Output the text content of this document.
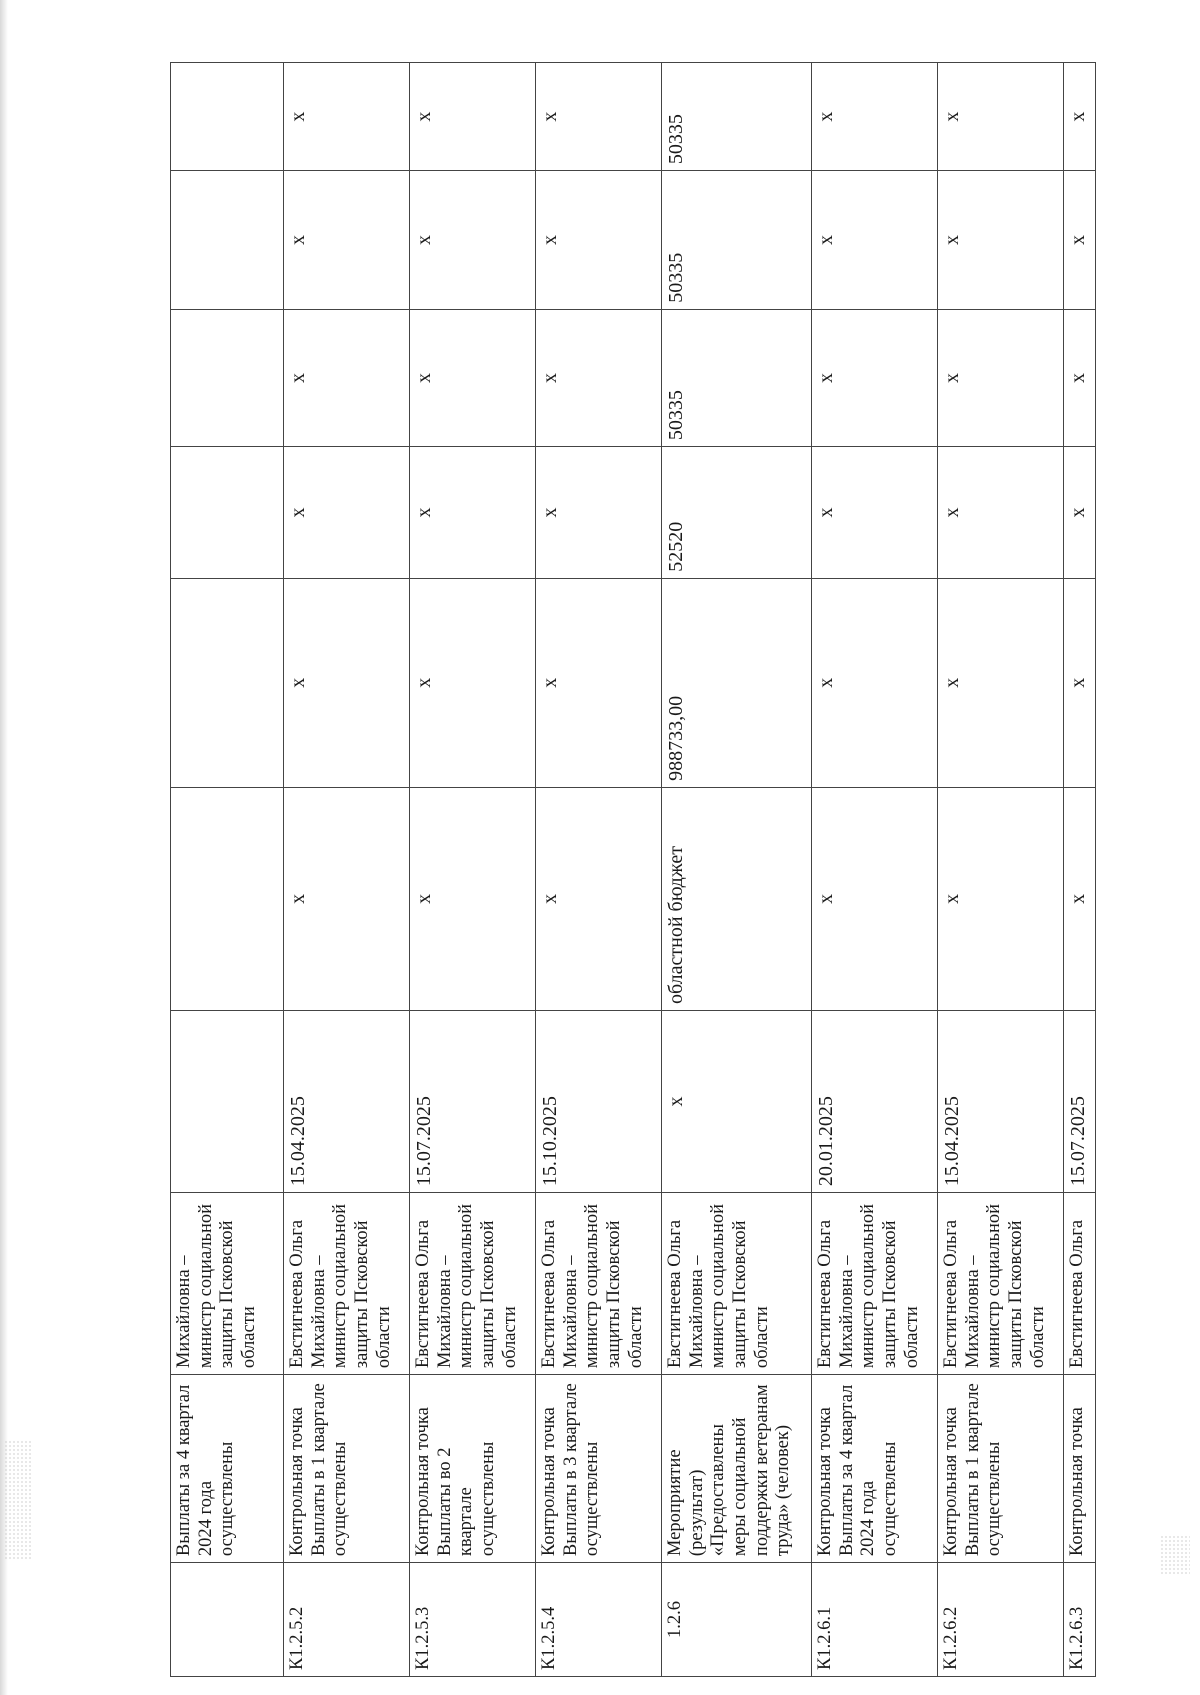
	Выплаты за 4 квартал 2024 года осуществлены	Михайловна – министр социальной защиты Псковской области							
К1.2.5.2	Контрольная точка Выплаты в 1 квартале осуществлены	Евстигнеева Ольга Михайловна – министр социальной защиты Псковской области	15.04.2025	х	х	х	х	х	х
К1.2.5.3	Контрольная точка Выплаты во 2 квартале осуществлены	Евстигнеева Ольга Михайловна – министр социальной защиты Псковской области	15.07.2025	х	х	х	х	х	х
К1.2.5.4	Контрольная точка Выплаты в 3 квартале осуществлены	Евстигнеева Ольга Михайловна – министр социальной защиты Псковской области	15.10.2025	х	х	х	х	х	х
1.2.6	Мероприятие (результат) «Предоставлены меры социальной поддержки ветеранам труда» (человек)	Евстигнеева Ольга Михайловна – министр социальной защиты Псковской области	х	областной бюджет	988733,00	52520	50335	50335	50335
К1.2.6.1	Контрольная точка Выплаты за 4 квартал 2024 года осуществлены	Евстигнеева Ольга Михайловна – министр социальной защиты Псковской области	20.01.2025	х	х	х	х	х	х
К1.2.6.2	Контрольная точка Выплаты в 1 квартале осуществлены	Евстигнеева Ольга Михайловна – министр социальной защиты Псковской области	15.04.2025	х	х	х	х	х	х
К1.2.6.3	Контрольная точка	Евстигнеева Ольга	15.07.2025	х	х	х	х	х	х
